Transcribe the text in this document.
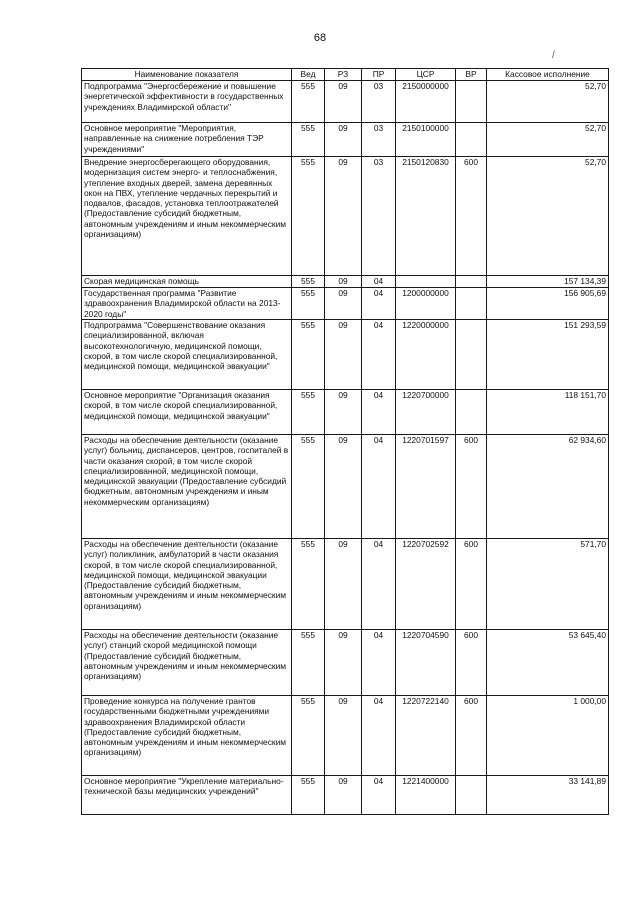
68
/
Наименование показателя	Вед	РЗ	ПР	ЦСР	ВР	Кассовое исполнение
Подпрограмма "Энергосбережение и повышение энергетической эффективности в государственных учреждениях Владимирской области"	555	09	03	2150000000		52,70
Основное мероприятие "Мероприятия, направленные на снижение потребления ТЭР учреждениями"	555	09	03	2150100000		52,70
Внедрение энергосберегающего оборудования, модернизация систем энерго- и теплоснабжения, утепление входных дверей, замена деревянных окон на ПВХ, утепление чердачных перекрытий и подвалов, фасадов, установка теплоотражателей (Предоставление субсидий бюджетным, автономным учреждениям и иным некоммерческим организациям)	555	09	03	2150120830	600	52,70
Скорая медицинская помощь	555	09	04			157 134,39
Государственная программа "Развитие здравоохранения Владимирской области на 2013-2020 годы"	555	09	04	1200000000		156 905,69
Подпрограмма "Совершенствование оказания специализированной, включая высокотехнологичную, медицинской помощи, скорой, в том числе скорой специализированной, медицинской помощи, медицинской эвакуации"	555	09	04	1220000000		151 293,59
Основное мероприятие "Организация оказания скорой, в том числе скорой специализированной, медицинской помощи, медицинской эвакуации"	555	09	04	1220700000		118 151,70
Расходы на обеспечение деятельности (оказание услуг) больниц, диспансеров, центров, госпиталей в части оказания скорой, в том числе скорой специализированной, медицинской помощи, медицинской эвакуации (Предоставление субсидий бюджетным, автономным учреждениям и иным некоммерческим организациям)	555	09	04	1220701597	600	62 934,60
Расходы на обеспечение деятельности (оказание услуг) поликлиник, амбулаторий в части оказания скорой, в том числе скорой специализированной, медицинской помощи, медицинской эвакуации (Предоставление субсидий бюджетным, автономным учреждениям и иным некоммерческим организациям)	555	09	04	1220702592	600	571,70
Расходы на обеспечение деятельности (оказание услуг) станций скорой медицинской помощи (Предоставление субсидий бюджетным, автономным учреждениям и иным некоммерческим организациям)	555	09	04	1220704590	600	53 645,40
Проведение конкурса на получение грантов государственными бюджетными учреждениями здравоохранения Владимирской области (Предоставление субсидий бюджетным, автономным учреждениям и иным некоммерческим организациям)	555	09	04	1220722140	600	1 000,00
Основное мероприятие "Укрепление материально-технической базы медицинских учреждений"	555	09	04	1221400000		33 141,89
